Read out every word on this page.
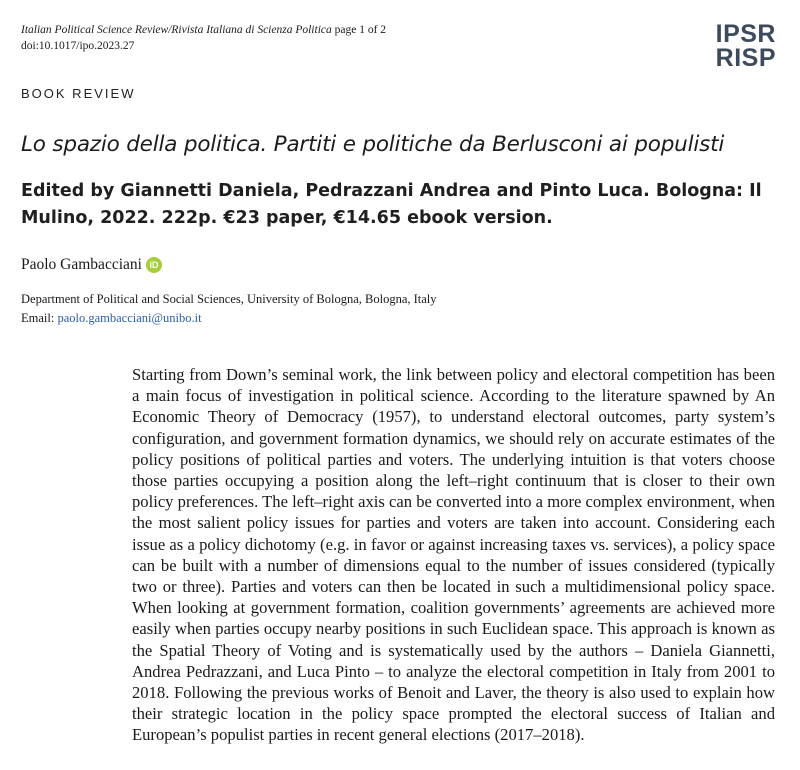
Italian Political Science Review/Rivista Italiana di Scienza Politica page 1 of 2
doi:10.1017/ipo.2023.27	IPSR
RISP
BOOK REVIEW
Lo spazio della politica. Partiti e politiche da Berlusconi ai populisti
Edited by Giannetti Daniela, Pedrazzani Andrea and Pinto Luca. Bologna: Il Mulino, 2022. 222p. €23 paper, €14.65 ebook version.
Paolo Gambacciani iD
Department of Political and Social Sciences, University of Bologna, Bologna, Italy
Email: paolo.gambacciani@unibo.it
Starting from Down’s seminal work, the link between policy and electoral competition has been a main focus of investigation in political science. According to the literature spawned by An Economic Theory of Democracy (1957), to understand electoral outcomes, party system’s configuration, and government formation dynamics, we should rely on accurate estimates of the policy positions of political parties and voters. The underlying intuition is that voters choose those parties occupying a position along the left–right continuum that is closer to their own policy preferences. The left–right axis can be converted into a more complex environment, when the most salient policy issues for parties and voters are taken into account. Considering each issue as a policy dichotomy (e.g. in favor or against increasing taxes vs. services), a policy space can be built with a number of dimensions equal to the number of issues considered (typically two or three). Parties and voters can then be located in such a multidimensional policy space. When looking at government formation, coalition governments’ agreements are achieved more easily when parties occupy nearby positions in such Euclidean space. This approach is known as the Spatial Theory of Voting and is systematically used by the authors – Daniela Giannetti, Andrea Pedrazzani, and Luca Pinto – to analyze the electoral competition in Italy from 2001 to 2018. Following the previous works of Benoit and Laver, the theory is also used to explain how their strategic location in the policy space prompted the electoral success of Italian and European’s populist parties in recent general elections (2017–2018).
